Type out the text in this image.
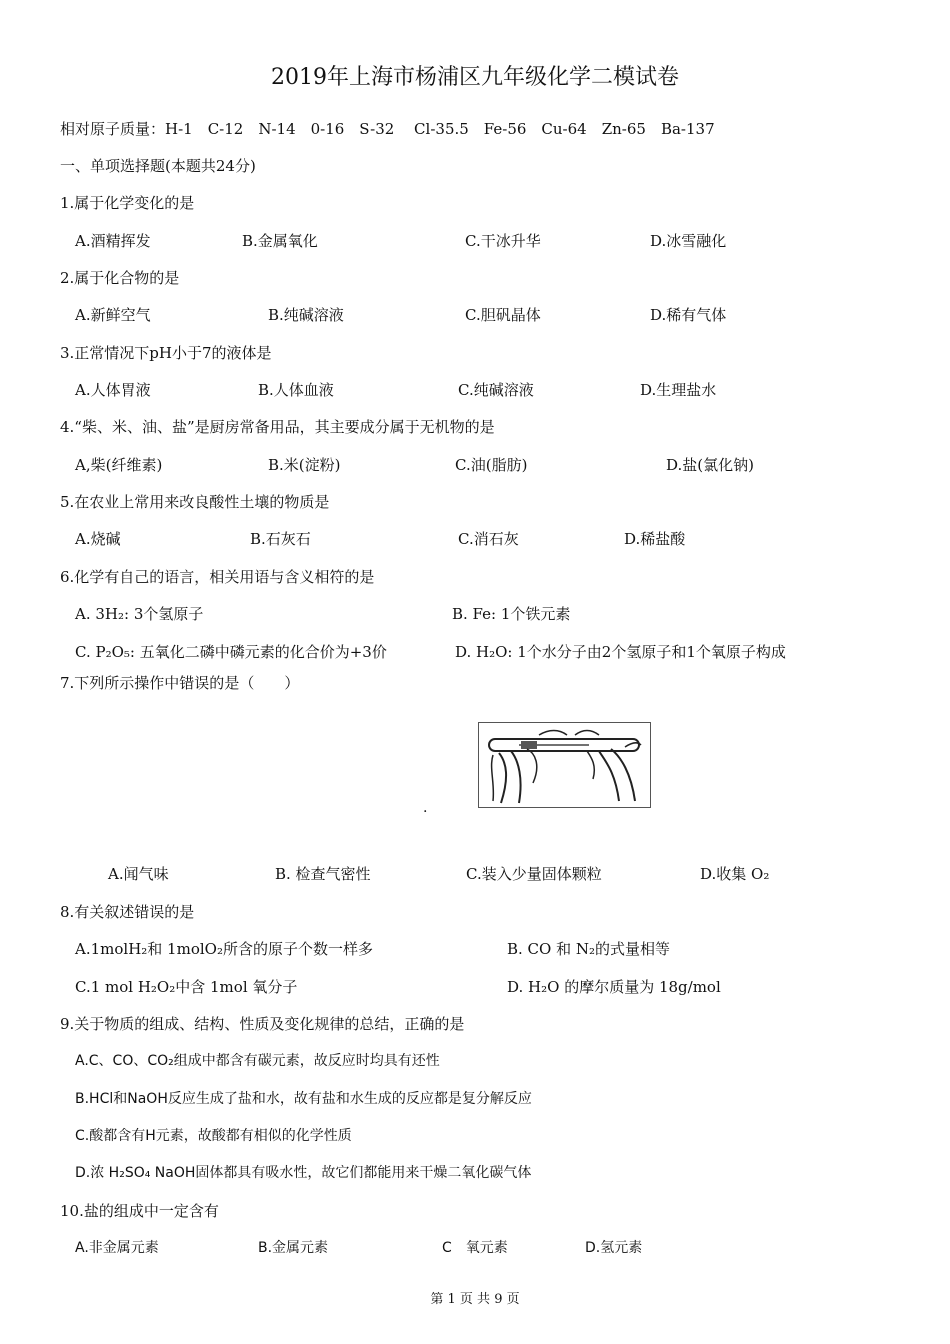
2019年上海市杨浦区九年级化学二模试卷
相对原子质量：H-1　C-12　N-14　0-16　S-32　 Cl-35.5　Fe-56　Cu-64　Zn-65　Ba-137
一、单项选择题(本题共24分)
1.属于化学变化的是
A.酒精挥发	B.金属氧化	C.干冰升华	D.冰雪融化
2.属于化合物的是
A.新鲜空气	B.纯碱溶液	C.胆矾晶体	D.稀有气体
3.正常情况下pH小于7的液体是
A.人体胃液	B.人体血液	C.纯碱溶液	D.生理盐水
4.“柴、米、油、盐”是厨房常备用品，其主要成分属于无机物的是
A,柴(纤维素)	B.米(淀粉)	C.油(脂肪)	D.盐(氯化钠)
5.在农业上常用来改良酸性土壤的物质是
A.烧碱	B.石灰石	C.消石灰	D.稀盐酸
6.化学有自己的语言，相关用语与含义相符的是
A. 3H₂: 3个氢原子	B. Fe: 1个铁元素
C. P₂O₅: 五氧化二磷中磷元素的化合价为+3价	D. H₂O: 1个水分子由2个氢原子和1个氧原子构成
7.下列所示操作中错误的是（　　）
.
A.闻气味	B. 检查气密性	C.装入少量固体颗粒	D.收集 O₂
8.有关叙述错误的是
A.1molH₂和 1molO₂所含的原子个数一样多	B. CO 和 N₂的式量相等
C.1 mol H₂O₂中含 1mol 氧分子	D. H₂O 的摩尔质量为 18g/mol
9.关于物质的组成、结构、性质及变化规律的总结，正确的是
A.C、CO、CO₂组成中都含有碳元素，故反应时均具有还性
B.HCl和NaOH反应生成了盐和水，故有盐和水生成的反应都是复分解反应
C.酸都含有H元素，故酸都有相似的化学性质
D.浓 H₂SO₄ NaOH固体都具有吸水性，故它们都能用来干燥二氧化碳气体
10.盐的组成中一定含有
A.非金属元素	B.金属元素	C　氧元素	D.氢元素
第 1 页 共 9 页
